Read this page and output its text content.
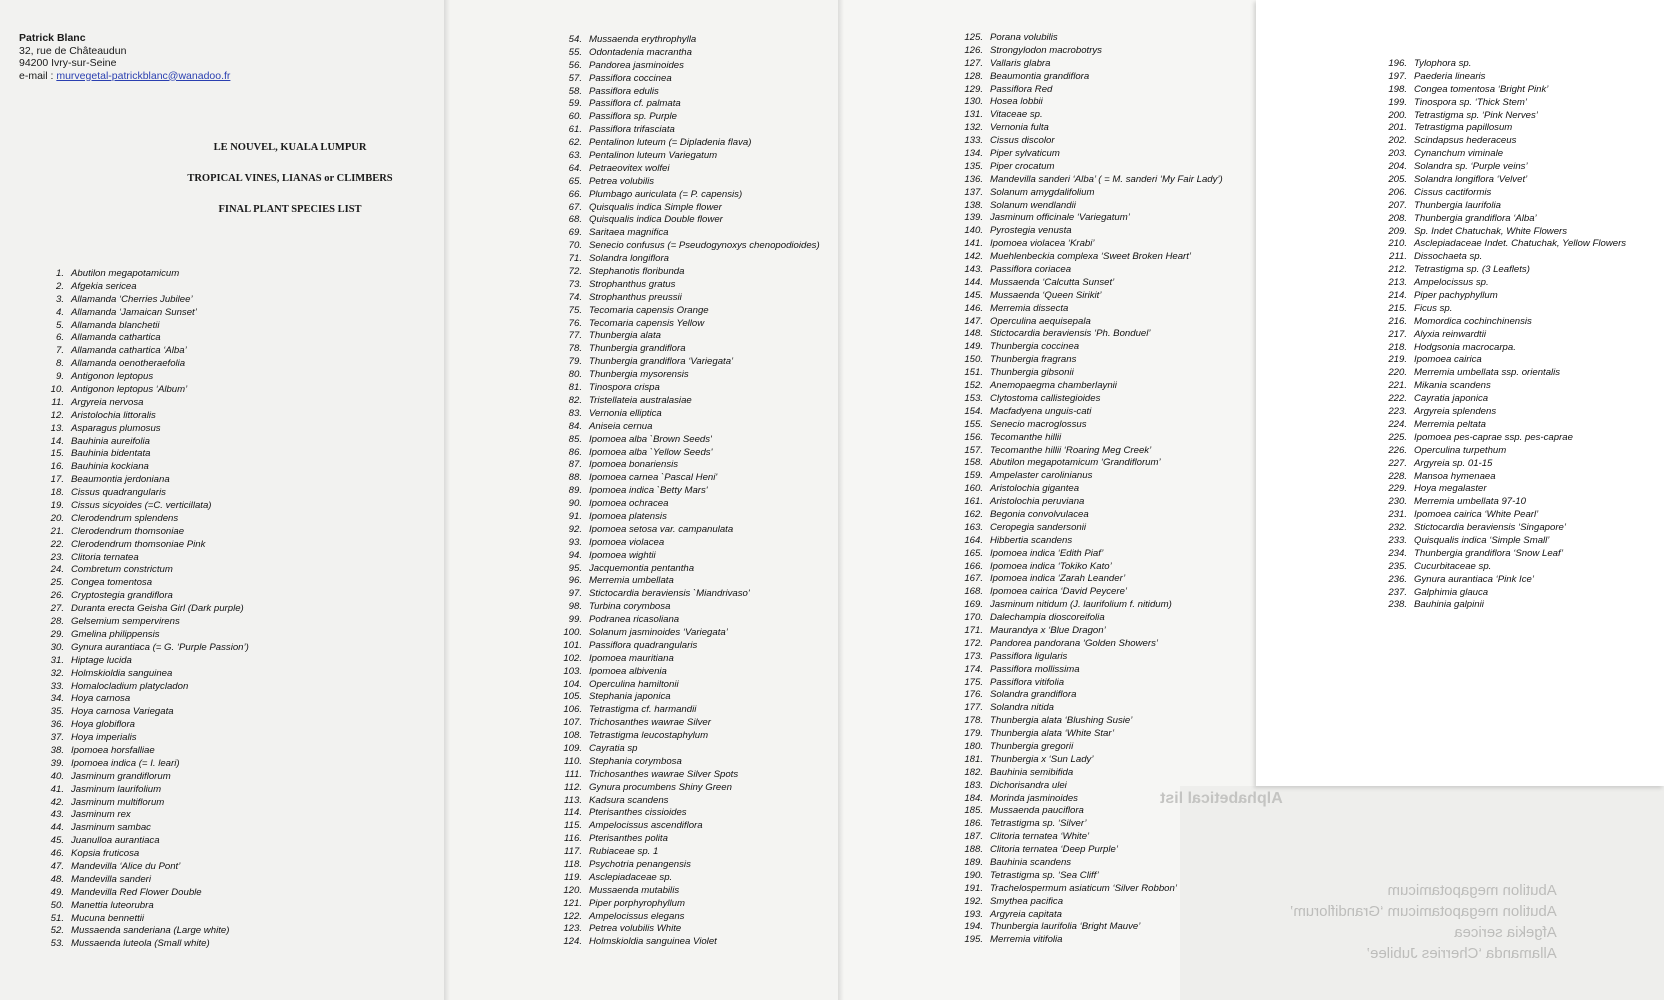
Patrick Blanc
32, rue de Châteaudun
94200 Ivry-sur-Seine
e-mail : murvegetal-patrickblanc@wanadoo.fr
LE NOUVEL, KUALA LUMPUR
TROPICAL VINES, LIANAS or CLIMBERS
FINAL PLANT SPECIES LIST
Alphabetical list
Abutilon megapotamicum
Abutilon megapotamicum ‘Grandiflorum’
Afgekia sericea
Allamanda ‘Cherries Jubilee’
1. Abutilon megapotamicum
2. Afgekia sericea
3. Allamanda ‘Cherries Jubilee’
4. Allamanda ‘Jamaican Sunset’
5. Allamanda blanchetii
6. Allamanda cathartica
7. Allamanda cathartica ‘Alba’
8. Allamanda oenotheraefolia
9. Antigonon leptopus
10. Antigonon leptopus ‘Album’
11. Argyreia nervosa
12. Aristolochia littoralis
13. Asparagus plumosus
14. Bauhinia aureifolia
15. Bauhinia bidentata
16. Bauhinia kockiana
17. Beaumontia jerdoniana
18. Cissus quadrangularis
19. Cissus sicyoides (=C. verticillata)
20. Clerodendrum splendens
21. Clerodendrum thomsoniae
22. Clerodendrum thomsoniae Pink
23. Clitoria ternatea
24. Combretum constrictum
25. Congea tomentosa
26. Cryptostegia grandiflora
27. Duranta erecta Geisha Girl (Dark purple)
28. Gelsemium sempervirens
29. Gmelina philippensis
30. Gynura aurantiaca (= G. ‘Purple Passion’)
31. Hiptage lucida
32. Holmskioldia sanguinea
33. Homalocladium platycladon
34. Hoya carnosa
35. Hoya carnosa Variegata
36. Hoya globiflora
37. Hoya imperialis
38. Ipomoea horsfalliae
39. Ipomoea indica (= I. leari)
40. Jasminum grandiflorum
41. Jasminum laurifolium
42. Jasminum multiflorum
43. Jasminum rex
44. Jasminum sambac
45. Juanulloa aurantiaca
46. Kopsia fruticosa
47. Mandevilla ‘Alice du Pont’
48. Mandevilla sanderi
49. Mandevilla Red Flower Double
50. Manettia luteorubra
51. Mucuna bennettii
52. Mussaenda sanderiana (Large white)
53. Mussaenda luteola (Small white)
54. Mussaenda erythrophylla
55. Odontadenia macrantha
56. Pandorea jasminoides
57. Passiflora coccinea
58. Passiflora edulis
59. Passiflora cf. palmata
60. Passiflora sp. Purple
61. Passiflora trifasciata
62. Pentalinon luteum (= Dipladenia flava)
63. Pentalinon luteum Variegatum
64. Petraeovitex wolfei
65. Petrea volubilis
66. Plumbago auriculata (= P. capensis)
67. Quisqualis indica Simple flower
68. Quisqualis indica Double flower
69. Saritaea magnifica
70. Senecio confusus (= Pseudogynoxys chenopodioides)
71. Solandra longiflora
72. Stephanotis floribunda
73. Strophanthus gratus
74. Strophanthus preussii
75. Tecomaria capensis Orange
76. Tecomaria capensis Yellow
77. Thunbergia alata
78. Thunbergia grandiflora
79. Thunbergia grandiflora ‘Variegata’
80. Thunbergia mysorensis
81. Tinospora crispa
82. Tristellateia australasiae
83. Vernonia elliptica
84. Aniseia cernua
85. Ipomoea alba `Brown Seeds'
86. Ipomoea alba `Yellow Seeds'
87. Ipomoea bonariensis
88. Ipomoea carnea `Pascal Heni'
89. Ipomoea indica `Betty Mars'
90. Ipomoea ochracea
91. Ipomoea platensis
92. Ipomoea setosa var. campanulata
93. Ipomoea violacea
94. Ipomoea wightii
95. Jacquemontia pentantha
96. Merremia umbellata
97. Stictocardia beraviensis `Miandrivaso'
98. Turbina corymbosa
99. Podranea ricasoliana
100. Solanum jasminoides ‘Variegata’
101. Passiflora quadrangularis
102. Ipomoea mauritiana
103. Ipomoea albivenia
104. Operculina hamiltonii
105. Stephania japonica
106. Tetrastigma cf. harmandii
107. Trichosanthes wawrae Silver
108. Tetrastigma leucostaphylum
109. Cayratia sp
110. Stephania corymbosa
111. Trichosanthes wawrae Silver Spots
112. Gynura procumbens Shiny Green
113. Kadsura scandens
114. Pterisanthes cissioides
115. Ampelocissus ascendiflora
116. Pterisanthes polita
117. Rubiaceae sp. 1
118. Psychotria penangensis
119. Asclepiadaceae sp.
120. Mussaenda mutabilis
121. Piper porphyrophyllum
122. Ampelocissus elegans
123. Petrea volubilis White
124. Holmskioldia sanguinea Violet
125. Porana volubilis
126. Strongylodon macrobotrys
127. Vallaris glabra
128. Beaumontia grandiflora
129. Passiflora Red
130. Hosea lobbii
131. Vitaceae sp.
132. Vernonia fulta
133. Cissus discolor
134. Piper sylvaticum
135. Piper crocatum
136. Mandevilla sanderi ‘Alba’ ( = M. sanderi ‘My Fair Lady’)
137. Solanum amygdalifolium
138. Solanum wendlandii
139. Jasminum officinale ‘Variegatum’
140. Pyrostegia venusta
141. Ipomoea violacea ‘Krabi’
142. Muehlenbeckia complexa ‘Sweet Broken Heart’
143. Passiflora coriacea
144. Mussaenda ‘Calcutta Sunset’
145. Mussaenda ‘Queen Sirikit’
146. Merremia dissecta
147. Operculina aequisepala
148. Stictocardia beraviensis ‘Ph. Bonduel’
149. Thunbergia coccinea
150. Thunbergia fragrans
151. Thunbergia gibsonii
152. Anemopaegma chamberlaynii
153. Clytostoma callistegioides
154. Macfadyena unguis-cati
155. Senecio macroglossus
156. Tecomanthe hillii
157. Tecomanthe hillii ‘Roaring Meg Creek’
158. Abutilon megapotamicum ‘Grandiflorum’
159. Ampelaster carolinianus
160. Aristolochia gigantea
161. Aristolochia peruviana
162. Begonia convolvulacea
163. Ceropegia sandersonii
164. Hibbertia scandens
165. Ipomoea indica ‘Edith Piaf’
166. Ipomoea indica ‘Tokiko Kato’
167. Ipomoea indica ‘Zarah Leander’
168. Ipomoea cairica ‘David Peycere’
169. Jasminum nitidum (J. laurifolium f. nitidum)
170. Dalechampia dioscoreifolia
171. Maurandya x ‘Blue Dragon’
172. Pandorea pandorana ‘Golden Showers’
173. Passiflora ligularis
174. Passiflora mollissima
175. Passiflora vitifolia
176. Solandra grandiflora
177. Solandra nitida
178. Thunbergia alata ‘Blushing Susie’
179. Thunbergia alata ‘White Star’
180. Thunbergia gregorii
181. Thunbergia x ‘Sun Lady’
182. Bauhinia semibifida
183. Dichorisandra ulei
184. Morinda jasminoides
185. Mussaenda pauciflora
186. Tetrastigma sp. ‘Silver’
187. Clitoria ternatea ‘White’
188. Clitoria ternatea ‘Deep Purple’
189. Bauhinia scandens
190. Tetrastigma sp. ‘Sea Cliff’
191. Trachelospermum asiaticum ‘Silver Robbon’
192. Smythea pacifica
193. Argyreia capitata
194. Thunbergia laurifolia ‘Bright Mauve’
195. Merremia vitifolia
196. Tylophora sp.
197. Paederia linearis
198. Congea tomentosa ‘Bright Pink’
199. Tinospora sp. ‘Thick Stem’
200. Tetrastigma sp. ‘Pink Nerves’
201. Tetrastigma papillosum
202. Scindapsus hederaceus
203. Cynanchum viminale
204. Solandra sp. ‘Purple veins’
205. Solandra longiflora ‘Velvet’
206. Cissus cactiformis
207. Thunbergia laurifolia
208. Thunbergia grandiflora ‘Alba’
209. Sp. Indet Chatuchak, White Flowers
210. Asclepiadaceae Indet. Chatuchak, Yellow Flowers
211. Dissochaeta sp.
212. Tetrastigma sp. (3 Leaflets)
213. Ampelocissus sp.
214. Piper pachyphyllum
215. Ficus sp.
216. Momordica cochinchinensis
217. Alyxia reinwardtii
218. Hodgsonia macrocarpa.
219. Ipomoea cairica
220. Merremia umbellata ssp. orientalis
221. Mikania scandens
222. Cayratia japonica
223. Argyreia splendens
224. Merremia peltata
225. Ipomoea pes-caprae ssp. pes-caprae
226. Operculina turpethum
227. Argyreia sp. 01-15
228. Mansoa hymenaea
229. Hoya megalaster
230. Merremia umbellata 97-10
231. Ipomoea cairica ‘White Pearl’
232. Stictocardia beraviensis ‘Singapore’
233. Quisqualis indica ‘Simple Small’
234. Thunbergia grandiflora ‘Snow Leaf’
235. Cucurbitaceae sp.
236. Gynura aurantiaca ‘Pink Ice’
237. Galphimia glauca
238. Bauhinia galpinii
